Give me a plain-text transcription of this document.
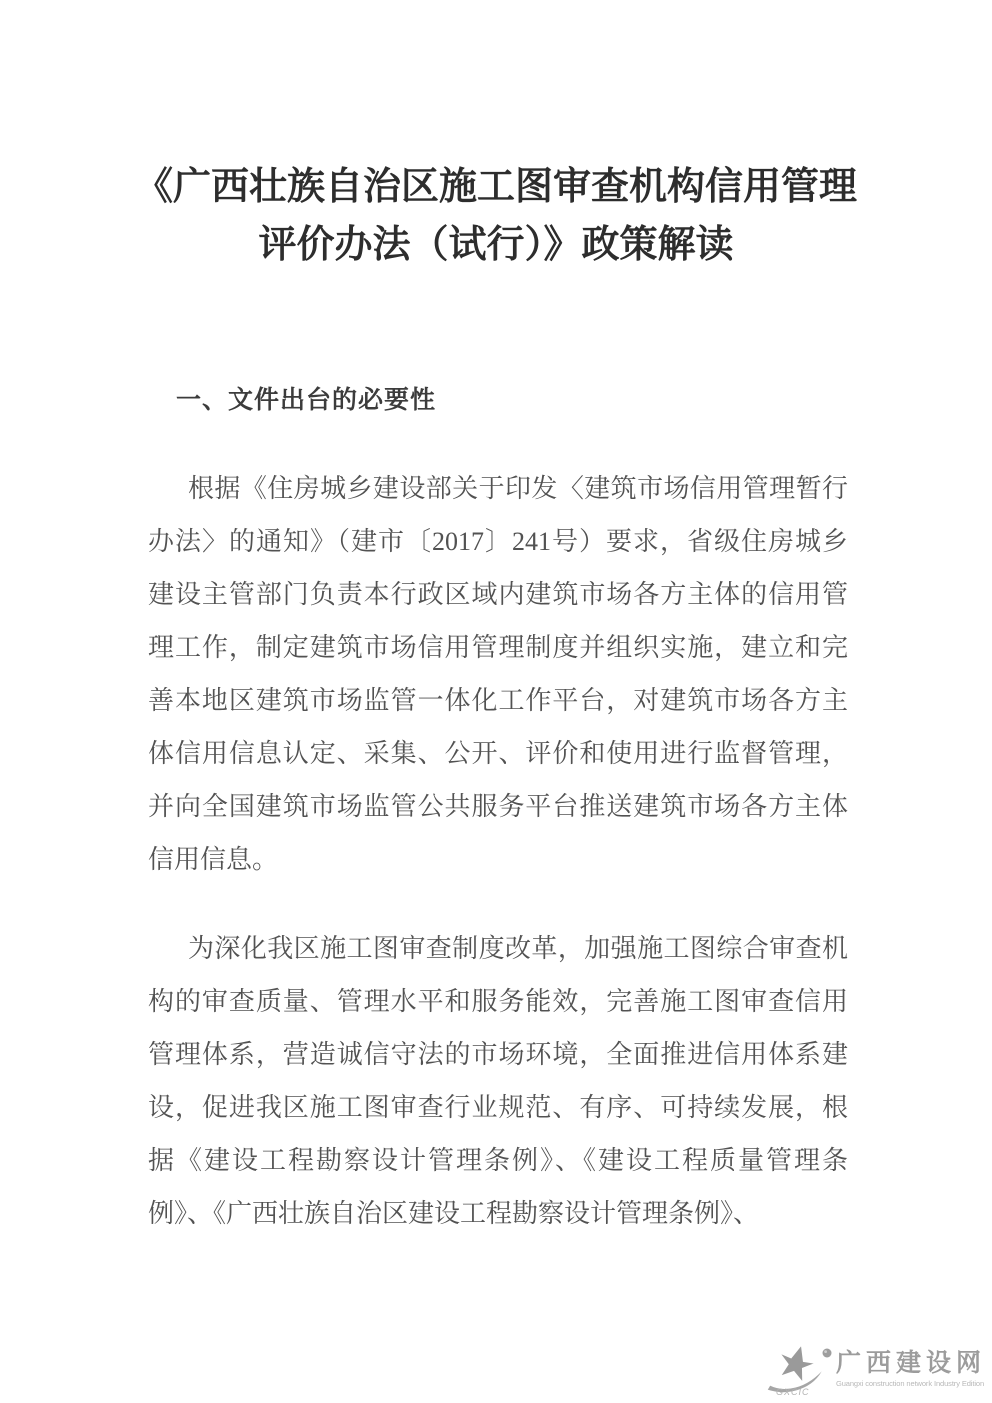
《广西壮族自治区施工图审查机构信用管理评价办法（试行）》政策解读
一、文件出台的必要性

根据《住房城乡建设部关于印发〈建筑市场信用管理暂行办法〉的通知》（建市〔2017〕241号）要求，省级住房城乡建设主管部门负责本行政区域内建筑市场各方主体的信用管理工作，制定建筑市场信用管理制度并组织实施，建立和完善本地区建筑市场监管一体化工作平台，对建筑市场各方主体信用信息认定、采集、公开、评价和使用进行监督管理，并向全国建筑市场监管公共服务平台推送建筑市场各方主体信用信息。

为深化我区施工图审查制度改革，加强施工图综合审查机构的审查质量、管理水平和服务能效，完善施工图审查信用管理体系，营造诚信守法的市场环境，全面推进信用体系建设，促进我区施工图审查行业规范、有序、可持续发展，根据《建设工程勘察设计管理条例》、《建设工程质量管理条例》、《广西壮族自治区建设工程勘察设计管理条例》、

GXCIC
广西建设网
Guangxi construction network Industry Edition
